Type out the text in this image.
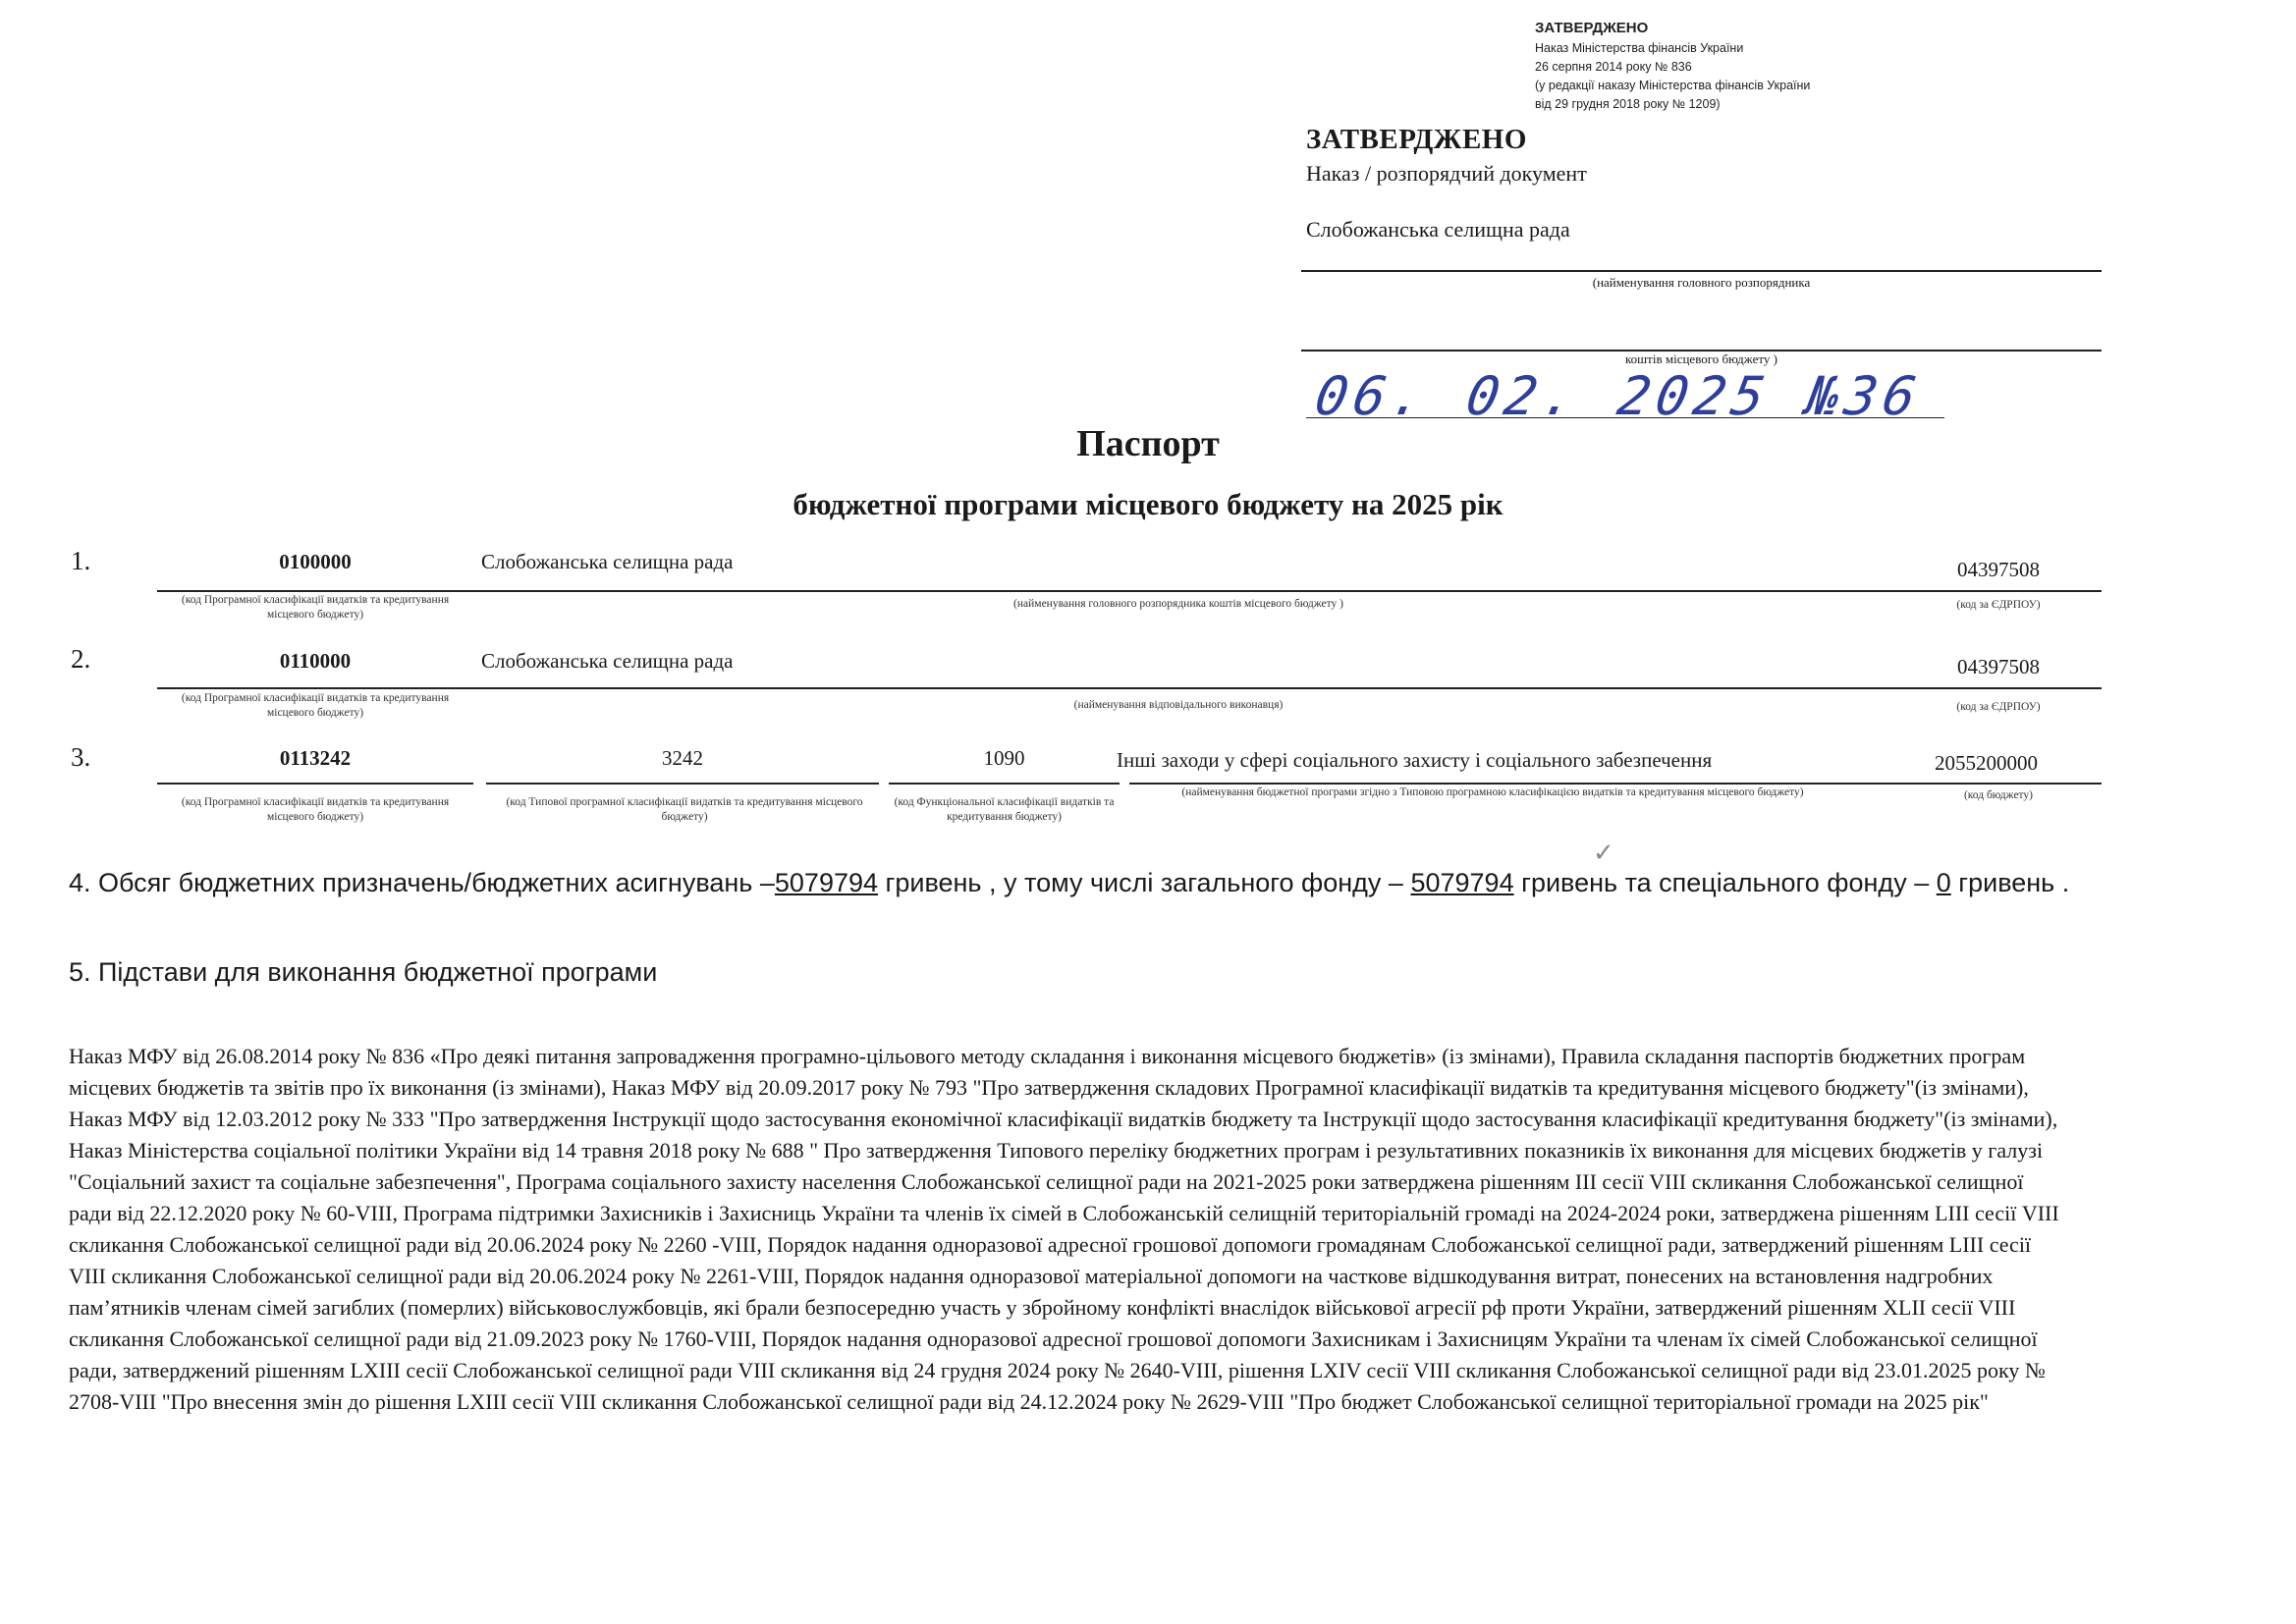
ЗАТВЕРДЖЕНО
Наказ Міністерства фінансів України
26 серпня 2014 року № 836
(у редакції наказу Міністерства фінансів України
від 29 грудня 2018 року № 1209)
ЗАТВЕРДЖЕНО
Наказ / розпорядчий документ
Слобожанська селищна рада
(найменування головного розпорядника
коштів місцевого бюджету )
06. 02. 2025 №36
Паспорт
бюджетної програми місцевого бюджету на 2025 рік
1.	0100000	Слобожанська селищна рада	04397508
(код Програмної класифікації видатків та кредитування місцевого бюджету)
(найменування головного розпорядника коштів місцевого бюджету )	(код за ЄДРПОУ)
2.	0110000	Слобожанська селищна рада	04397508
(код Програмної класифікації видатків та кредитування місцевого бюджету)
(найменування відповідального виконавця)	(код за ЄДРПОУ)
3.	0113242	3242	1090	Інші заходи у сфері соціального захисту і соціального забезпечення	2055200000
(код Програмної класифікації видатків та кредитування місцевого бюджету)
(код Типової програмної класифікації видатків та кредитування місцевого бюджету)
(код Функціональної класифікації видатків та кредитування бюджету)
(найменування бюджетної програми згідно з Типовою програмною класифікацією видатків та кредитування місцевого бюджету)	(код бюджету)
✓
4. Обсяг бюджетних призначень/бюджетних асигнувань –5079794 гривень , у тому числі загального фонду – 5079794 гривень та спеціального фонду – 0 гривень .
5. Підстави для виконання бюджетної програми
Наказ МФУ від 26.08.2014 року № 836 «Про деякі питання запровадження програмно-цільового методу складання і виконання місцевого бюджетів» (із змінами), Правила складання паспортів бюджетних програм місцевих бюджетів та звітів про їх виконання (із змінами), Наказ МФУ від 20.09.2017 року № 793 "Про затвердження складових Програмної класифікації видатків та кредитування місцевого бюджету"(із змінами), Наказ МФУ від 12.03.2012 року № 333 "Про затвердження Інструкції щодо застосування економічної класифікації видатків бюджету та Інструкції щодо застосування класифікації кредитування бюджету"(із змінами), Наказ Міністерства соціальної політики України від 14 травня 2018 року № 688 " Про затвердження Типового переліку бюджетних програм і результативних показників їх виконання для місцевих бюджетів у галузі "Соціальний захист та соціальне забезпечення", Програма соціального захисту населення Слобожанської селищної ради на 2021-2025 роки затверджена рішенням ІІІ сесії VIII скликання Слобожанської селищної ради від 22.12.2020 року № 60-VIII, Програма підтримки Захисників і Захисниць України та членів їх сімей в Слобожанській селищній територіальній громаді на 2024-2024 роки, затверджена рішенням LIII сесії VIII скликання Слобожанської селищної ради від 20.06.2024 року № 2260 -VIII, Порядок надання одноразової адресної грошової допомоги громадянам Слобожанської селищної ради, затверджений рішенням LIII сесії VIII скликання Слобожанської селищної ради від 20.06.2024 року № 2261-VIII, Порядок надання одноразової матеріальної допомоги на часткове відшкодування витрат, понесених на встановлення надгробних пам’ятників членам сімей загиблих (померлих) військовослужбовців, які брали безпосередню участь у збройному конфлікті внаслідок військової агресії рф проти України, затверджений рішенням XLII сесії VIII скликання Слобожанської селищної ради від 21.09.2023 року № 1760-VIII, Порядок надання одноразової адресної грошової допомоги Захисникам і Захисницям України та членам їх сімей Слобожанської селищної ради, затверджений рішенням LXIII сесії Слобожанської селищної ради VIII скликання від 24 грудня 2024 року № 2640-VIII, рішення LXIV сесії VIII скликання Слобожанської селищної ради від 23.01.2025 року № 2708-VIII "Про внесення змін до рішення LXIII сесії VIII скликання Слобожанської селищної ради від 24.12.2024 року № 2629-VIII "Про бюджет Слобожанської селищної територіальної громади на 2025 рік"
